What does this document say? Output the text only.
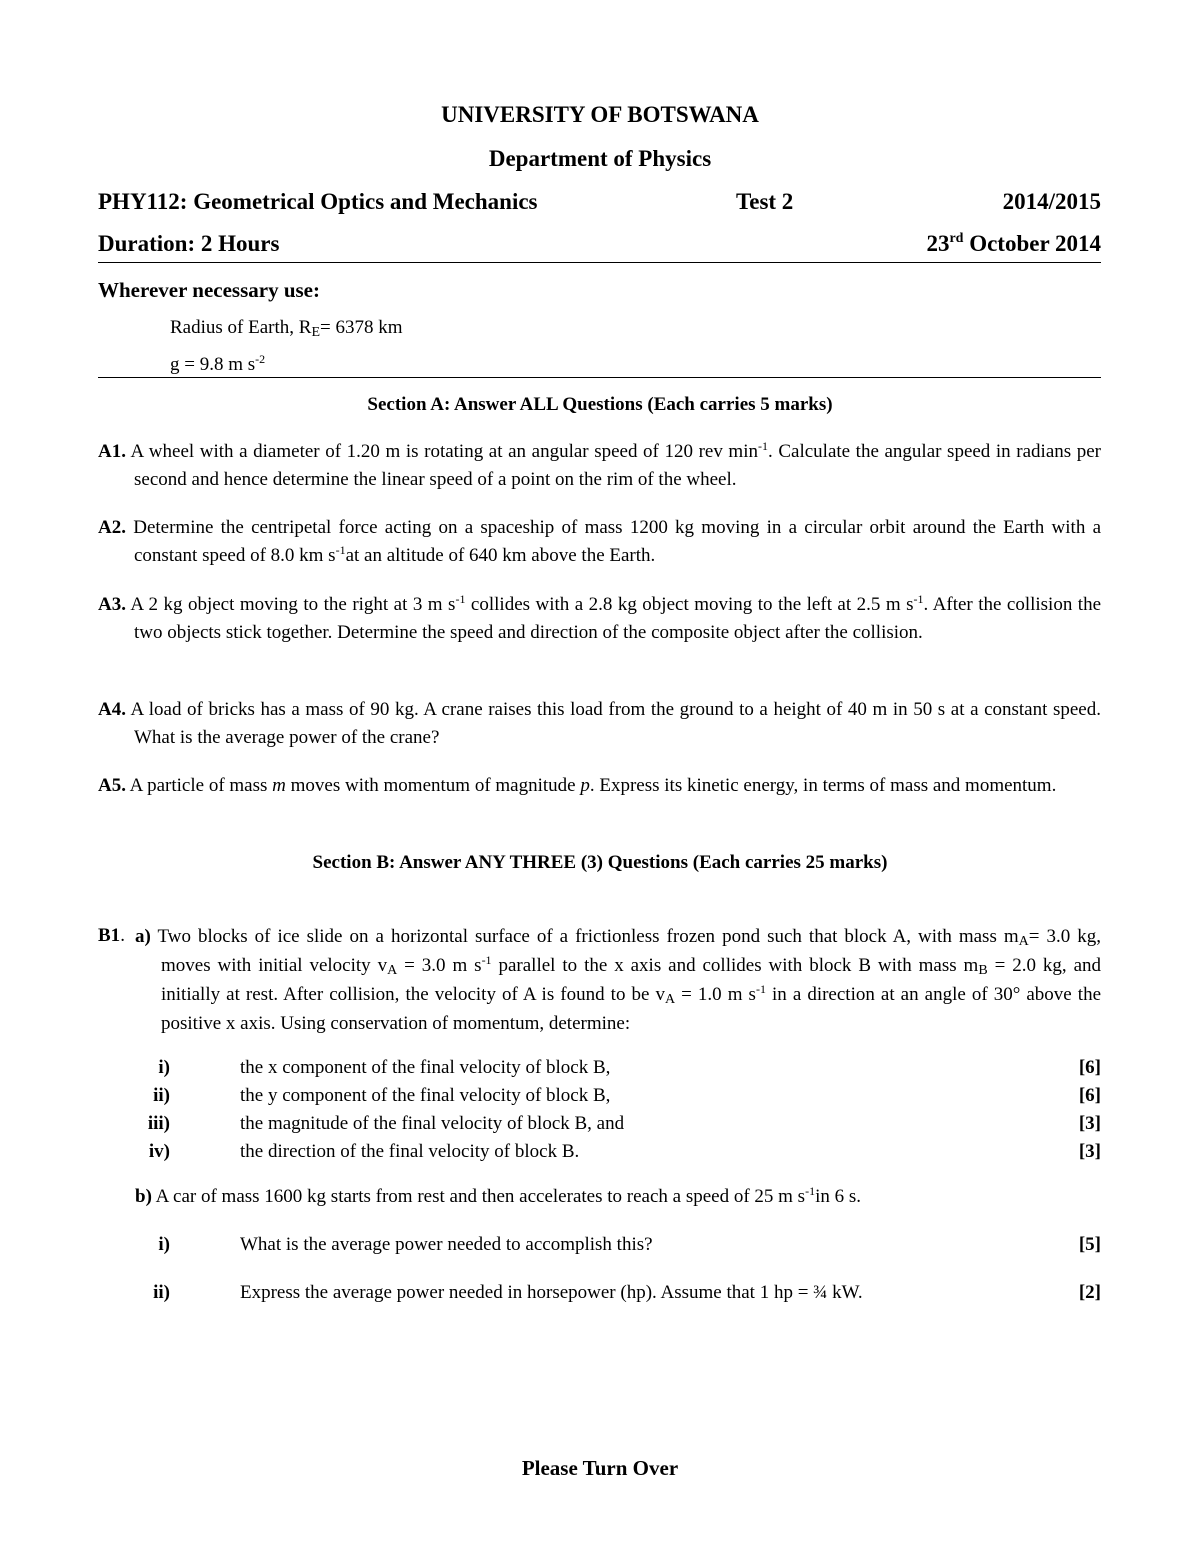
UNIVERSITY OF BOTSWANA
Department of Physics
PHY112: Geometrical Optics and Mechanics	Test 2	2014/2015
Duration: 2 Hours	23rd October 2014
Wherever necessary use:
Radius of Earth, $R_E= 6378$ km
g = 9.8 m $s^{-2}$
Section A: Answer ALL Questions (Each carries 5 marks)
A1. A wheel with a diameter of 1.20 m is rotating at an angular speed of 120 rev $\min^{-1}$. Calculate the angular speed in radians per second and hence determine the linear speed of a point on the rim of the wheel.
A2. Determine the centripetal force acting on a spaceship of mass 1200 kg moving in a circular orbit around the Earth with a constant speed of 8.0 km $s^{-1}at$ an altitude of 640 km above the Earth.
A3. A 2 kg object moving to the right at 3 m $s^{-1}$ collides with a 2.8 kg object moving to the left at 2.5 m $s^{-1}$. After the collision the two objects stick together. Determine the speed and direction of the composite object after the collision.
A4. A load of bricks has a mass of 90 kg. A crane raises this load from the ground to a height of 40 m in 50 s at a constant speed. What is the average power of the crane?
A5. A particle of mass m moves with momentum of magnitude p. Express its kinetic energy, in terms of mass and momentum.
Section B: Answer ANY THREE (3) Questions (Each carries 25 marks)
B1. a) Two blocks of ice slide on a horizontal surface of a frictionless frozen pond such that block A, with mass $m_A= 3.0$ kg, moves with initial velocity $v_A = 3.0$ m $s^{-1}$ parallel to the x axis and collides with block B with mass $m_B = 2.0$ kg, and initially at rest. After collision, the velocity of A is found to be $v_A = 1.0$ m $s^{-1}$ in a direction at an angle of 30° above the positive x axis. Using conservation of momentum, determine:
i)	the x component of the final velocity of block B,	[6]
ii)	the y component of the final velocity of block B,	[6]
iii)	the magnitude of the final velocity of block B, and	[3]
iv)	the direction of the final velocity of block B.	[3]
b) A car of mass 1600 kg starts from rest and then accelerates to reach a speed of 25 m $s^{-1}in$ 6 s.
i)	What is the average power needed to accomplish this?	[5]
ii)	Express the average power needed in horsepower (hp). Assume that 1 hp = ¾ kW.	[2]
Please Turn Over
